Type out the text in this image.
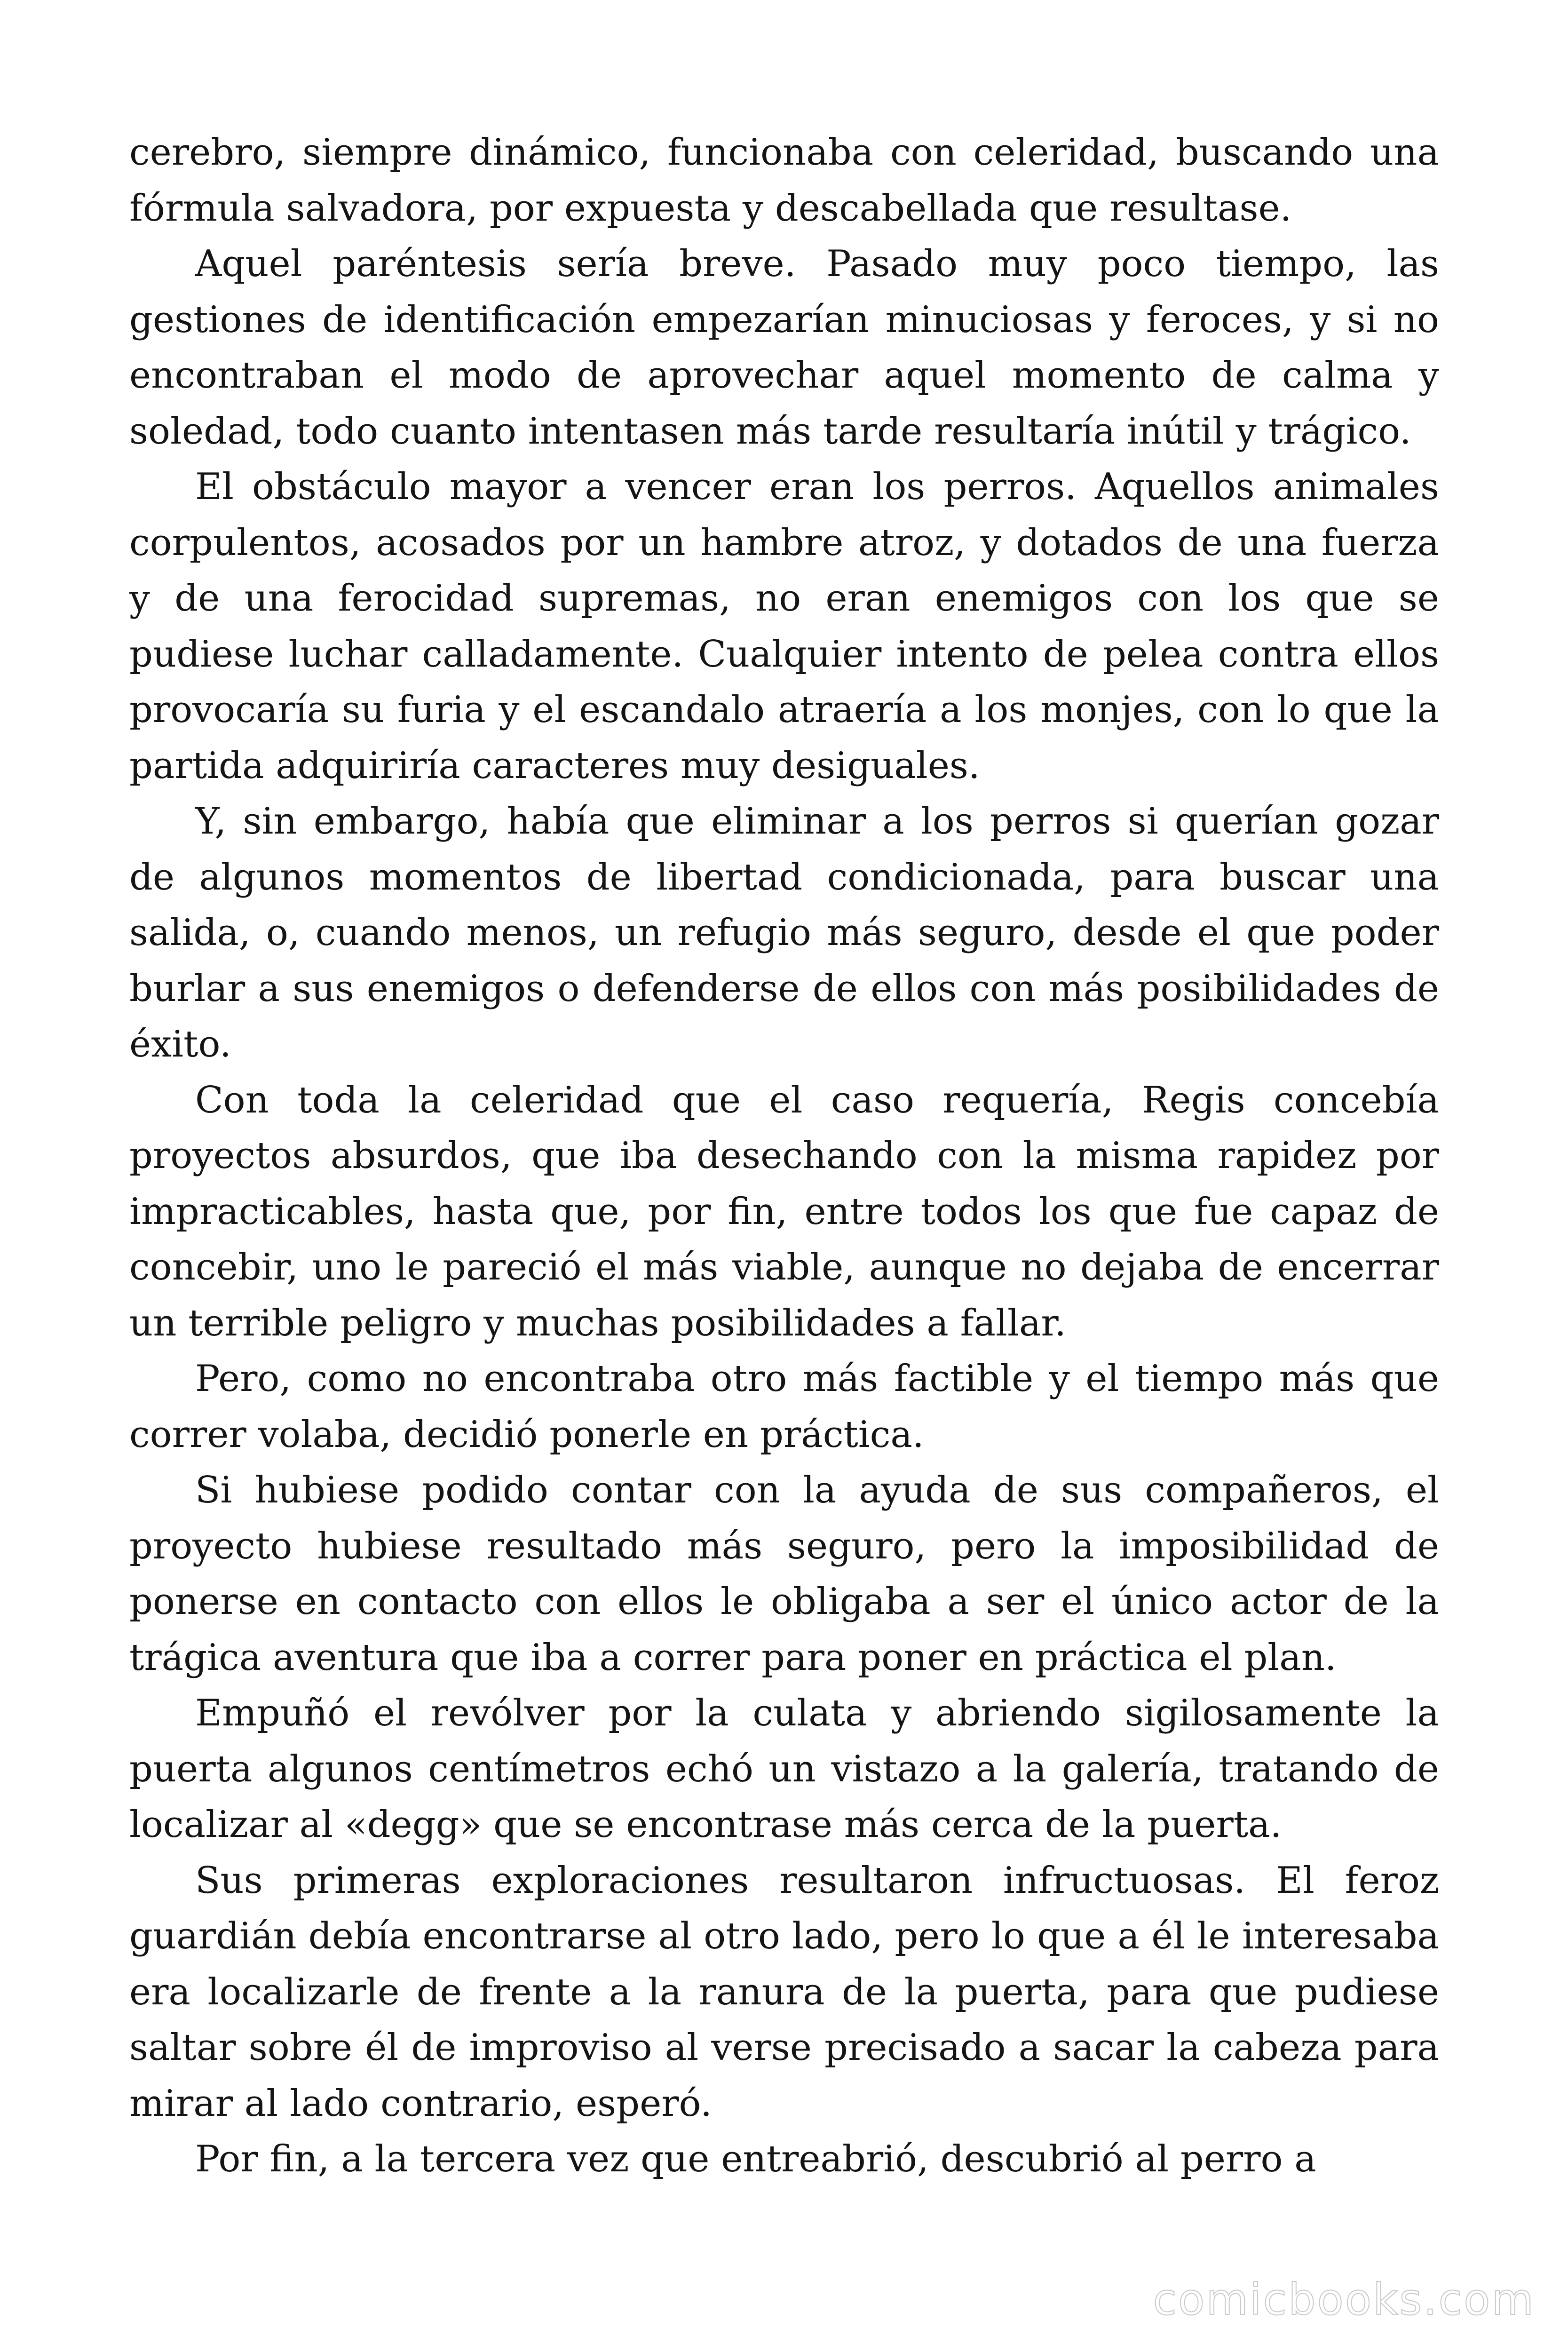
cerebro, siempre dinámico, funcionaba con celeridad, buscando una fórmula salvadora, por expuesta y descabellada que resultase.

Aquel paréntesis sería breve. Pasado muy poco tiempo, las gestiones de identificación empezarían minuciosas y feroces, y si no encontraban el modo de aprovechar aquel momento de calma y soledad, todo cuanto intentasen más tarde resultaría inútil y trágico.

El obstáculo mayor a vencer eran los perros. Aquellos animales corpulentos, acosados por un hambre atroz, y dotados de una fuerza y de una ferocidad supremas, no eran enemigos con los que se pudiese luchar calladamente. Cualquier intento de pelea contra ellos provocaría su furia y el escandalo atraería a los monjes, con lo que la partida adquiriría caracteres muy desiguales.

Y, sin embargo, había que eliminar a los perros si querían gozar de algunos momentos de libertad condicionada, para buscar una salida, o, cuando menos, un refugio más seguro, desde el que poder burlar a sus enemigos o defenderse de ellos con más posibilidades de éxito.

Con toda la celeridad que el caso requería, Regis concebía proyectos absurdos, que iba desechando con la misma rapidez por impracticables, hasta que, por fin, entre todos los que fue capaz de concebir, uno le pareció el más viable, aunque no dejaba de encerrar un terrible peligro y muchas posibilidades a fallar.

Pero, como no encontraba otro más factible y el tiempo más que correr volaba, decidió ponerle en práctica.

Si hubiese podido contar con la ayuda de sus compañeros, el proyecto hubiese resultado más seguro, pero la imposibilidad de ponerse en contacto con ellos le obligaba a ser el único actor de la trágica aventura que iba a correr para poner en práctica el plan.

Empuñó el revólver por la culata y abriendo sigilosamente la puerta algunos centímetros echó un vistazo a la galería, tratando de localizar al «degg» que se encontrase más cerca de la puerta.

Sus primeras exploraciones resultaron infructuosas. El feroz guardián debía encontrarse al otro lado, pero lo que a él le interesaba era localizarle de frente a la ranura de la puerta, para que pudiese saltar sobre él de improviso al verse precisado a sacar la cabeza para mirar al lado contrario, esperó.

Por fin, a la tercera vez que entreabrió, descubrió al perro a

comicbooks.com
